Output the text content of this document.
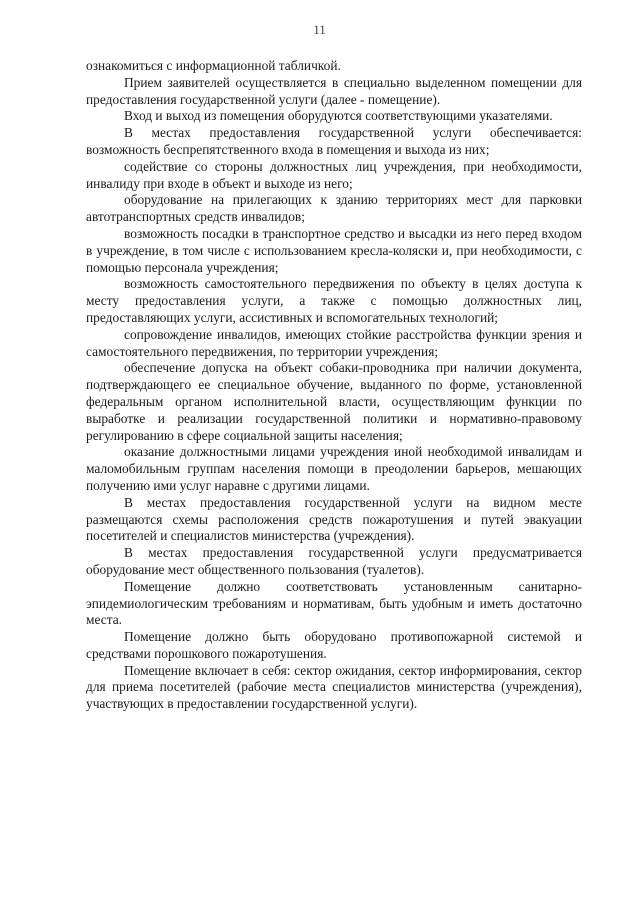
11

ознакомиться с информационной табличкой.

Прием заявителей осуществляется в специально выделенном помещении для предоставления государственной услуги (далее - помещение).

Вход и выход из помещения оборудуются соответствующими указателями.

В местах предоставления государственной услуги обеспечивается: возможность беспрепятственного входа в помещения и выхода из них;

содействие со стороны должностных лиц учреждения, при необходимости, инвалиду при входе в объект и выходе из него;

оборудование на прилегающих к зданию территориях мест для парковки автотранспортных средств инвалидов;

возможность посадки в транспортное средство и высадки из него перед входом в учреждение, в том числе с использованием кресла-коляски и, при необходимости, с помощью персонала учреждения;

возможность самостоятельного передвижения по объекту в целях доступа к месту предоставления услуги, а также с помощью должностных лиц, предоставляющих услуги, ассистивных и вспомогательных технологий;

сопровождение инвалидов, имеющих стойкие расстройства функции зрения и самостоятельного передвижения, по территории учреждения;

обеспечение допуска на объект собаки-проводника при наличии документа, подтверждающего ее специальное обучение, выданного по форме, установленной федеральным органом исполнительной власти, осуществляющим функции по выработке и реализации государственной политики и нормативно-правовому регулированию в сфере социальной защиты населения;

оказание должностными лицами учреждения иной необходимой инвалидам и маломобильным группам населения помощи в преодолении барьеров, мешающих получению ими услуг наравне с другими лицами.

В местах предоставления государственной услуги на видном месте размещаются схемы расположения средств пожаротушения и путей эвакуации посетителей и специалистов министерства (учреждения).

В местах предоставления государственной услуги предусматривается оборудование мест общественного пользования (туалетов).

Помещение должно соответствовать установленным санитарно-эпидемиологическим требованиям и нормативам, быть удобным и иметь достаточно места.

Помещение должно быть оборудовано противопожарной системой и средствами порошкового пожаротушения.

Помещение включает в себя: сектор ожидания, сектор информирования, сектор для приема посетителей (рабочие места специалистов министерства (учреждения), участвующих в предоставлении государственной услуги).
